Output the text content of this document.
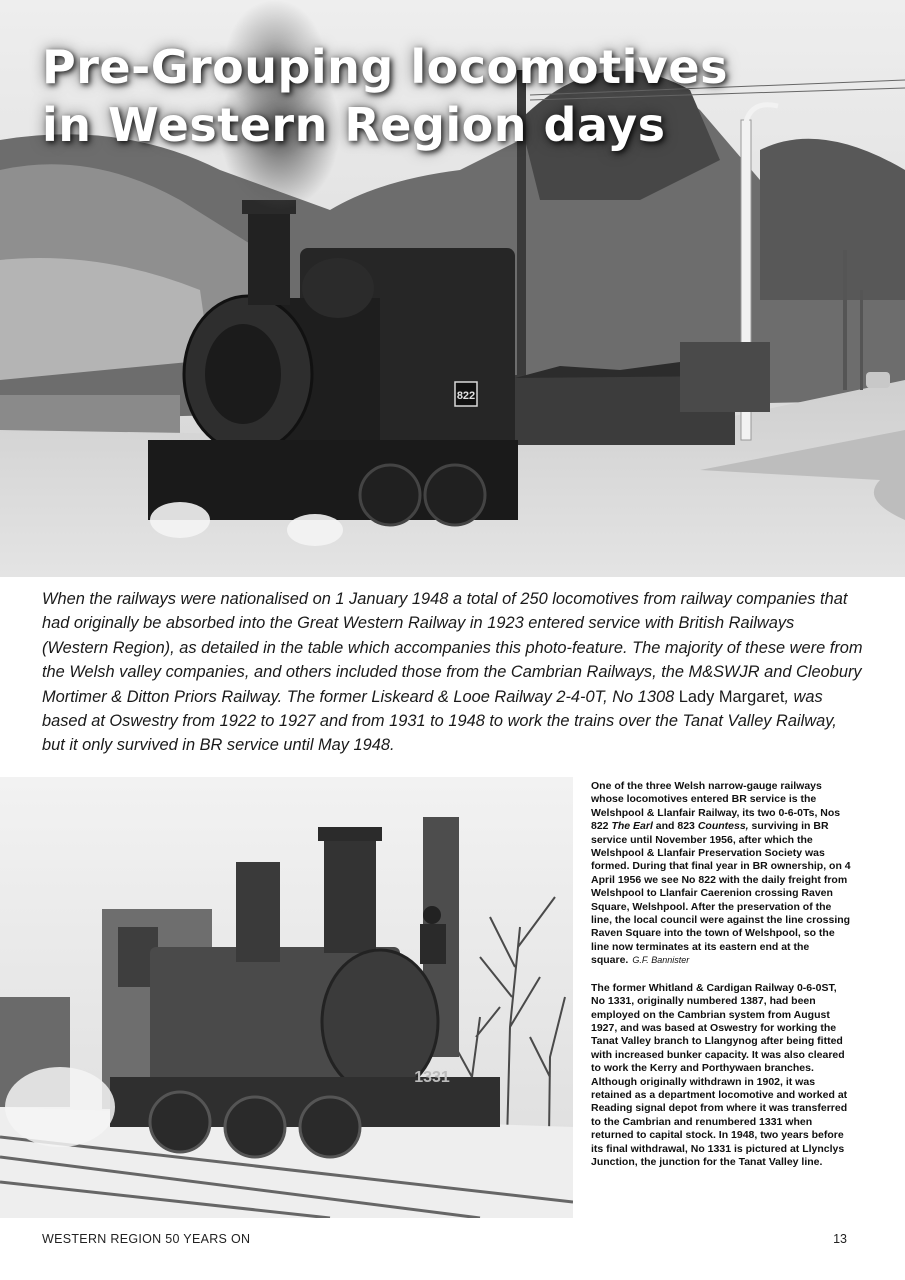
822
Pre-Grouping locomotives
in Western Region days

When the railways were nationalised on 1 January 1948 a total of 250 locomotives from railway companies that had originally be absorbed into the Great Western Railway in 1923 entered service with British Railways (Western Region), as detailed in the table which accompanies this photo-feature. The majority of these were from the Welsh valley companies, and others included those from the Cambrian Railways, the M&SWJR and Cleobury Mortimer & Ditton Priors Railway. The former Liskeard & Looe Railway 2-4-0T, No 1308 Lady Margaret, was based at Oswestry from 1922 to 1927 and from 1931 to 1948 to work the trains over the Tanat Valley Railway, but it only survived in BR service until May 1948.

1331

One of the three Welsh narrow-gauge railways whose locomotives entered BR service is the Welshpool & Llanfair Railway, its two 0-6-0Ts, Nos 822 The Earl and 823 Countess, surviving in BR service until November 1956, after which the Welshpool & Llanfair Preservation Society was formed. During that final year in BR ownership, on 4 April 1956 we see No 822 with the daily freight from Welshpool to Llanfair Caerenion crossing Raven Square, Welshpool. After the preservation of the line, the local council were against the line crossing Raven Square into the town of Welshpool, so the line now terminates at its eastern end at the square. G.F. Bannister

The former Whitland & Cardigan Railway 0-6-0ST, No 1331, originally numbered 1387, had been employed on the Cambrian system from August 1927, and was based at Oswestry for working the Tanat Valley branch to Llangynog after being fitted with increased bunker capacity. It was also cleared to work the Kerry and Porthywaen branches. Although originally withdrawn in 1902, it was retained as a department locomotive and worked at Reading signal depot from where it was transferred to the Cambrian and renumbered 1331 when returned to capital stock. In 1948, two years before its final withdrawal, No 1331 is pictured at Llynclys Junction, the junction for the Tanat Valley line.

WESTERN REGION 50 YEARS ON	13
